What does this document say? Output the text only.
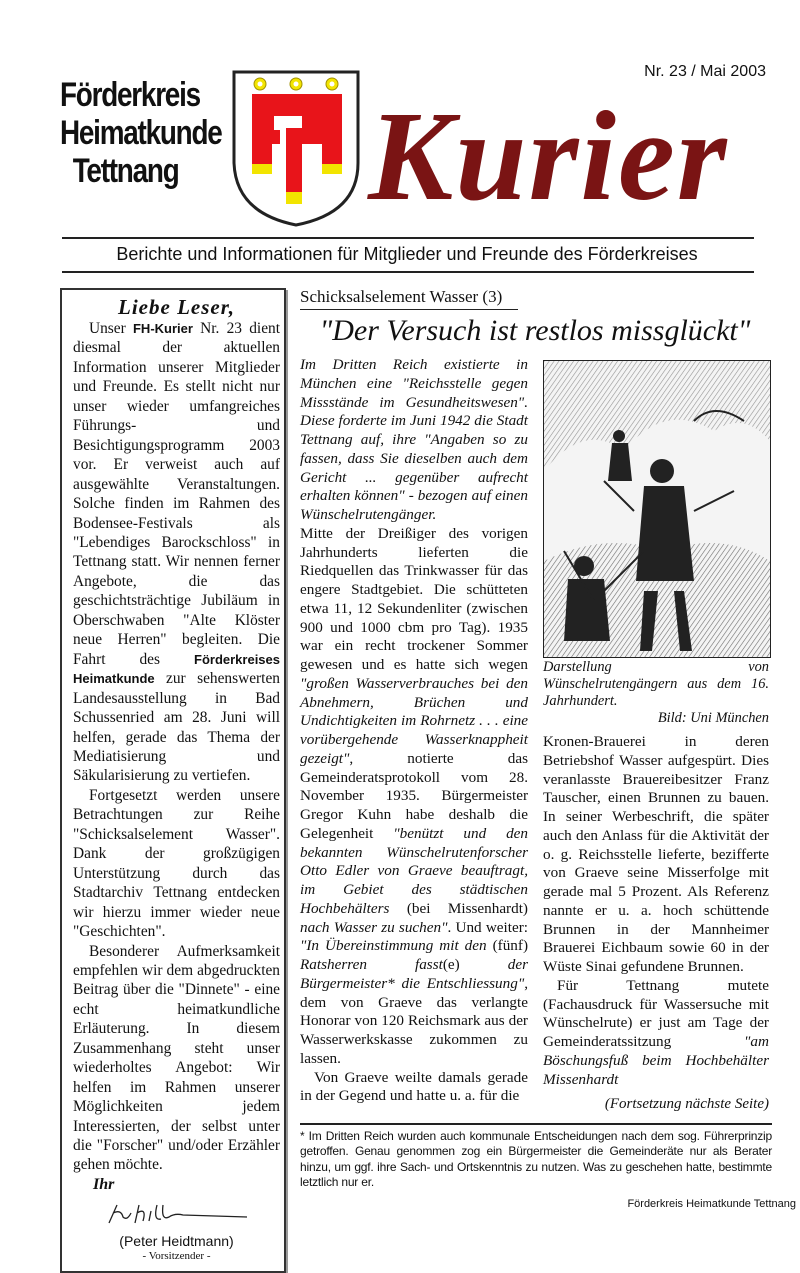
Nr. 23 / Mai 2003
Förderkreis
Heimatkunde
Tettnang Kurier
Berichte und Informationen für Mitglieder und Freunde des Förderkreises
Liebe Leser,

Unser FH-Kurier Nr. 23 dient diesmal der aktuellen Information unserer Mitglieder und Freunde. Es stellt nicht nur unser wieder umfangreiches Führungs- und Besichtigungsprogramm 2003 vor. Er verweist auch auf ausgewählte Veranstaltungen. Solche finden im Rahmen des Bodensee-Festivals als "Lebendiges Barockschloss" in Tettnang statt. Wir nennen ferner Angebote, die das geschichtsträchtige Jubiläum in Oberschwaben "Alte Klöster neue Herren" begleiten. Die Fahrt des Förderkreises Heimatkunde zur sehenswerten Landesausstellung in Bad Schussenried am 28. Juni will helfen, gerade das Thema der Mediatisierung und Säkularisierung zu vertiefen.

Fortgesetzt werden unsere Betrachtungen zur Reihe "Schicksalselement Wasser". Dank der großzügigen Unterstützung durch das Stadtarchiv Tettnang entdecken wir hierzu immer wieder neue "Geschichten".

Besonderer Aufmerksamkeit empfehlen wir dem abgedruckten Beitrag über die "Dinnete" - eine echt heimatkundliche Erläuterung. In diesem Zusammenhang steht unser wiederholtes Angebot: Wir helfen im Rahmen unserer Möglichkeiten jedem Interessierten, der selbst unter die "Forscher" und/oder Erzähler gehen möchte.

Ihr
(Peter Heidtmann)
- Vorsitzender -
Schicksalselement Wasser (3)
"Der Versuch ist restlos missglückt"

Im Dritten Reich existierte in München eine "Reichsstelle gegen Missstände im Gesundheitswesen". Diese forderte im Juni 1942 die Stadt Tettnang auf, ihre "Angaben so zu fassen, dass Sie dieselben auch dem Gericht ... gegenüber aufrecht erhalten können" - bezogen auf einen Wünschelrutengänger.

Mitte der Dreißiger des vorigen Jahrhunderts lieferten die Riedquellen das Trinkwasser für das engere Stadtgebiet. Die schütteten etwa 11, 12 Sekundenliter (zwischen 900 und 1000 cbm pro Tag). 1935 war ein recht trockener Sommer gewesen und es hatte sich wegen "großen Wasserverbrauches bei den Abnehmern, Brüchen und Undichtigkeiten im Rohrnetz . . . eine vorübergehende Wasserknappheit gezeigt", notierte das Gemeinderatsprotokoll vom 28. November 1935. Bürgermeister Gregor Kuhn habe deshalb die Gelegenheit "benützt und den bekannten Wünschelrutenforscher Otto Edler von Graeve beauftragt, im Gebiet des städtischen Hochbehälters (bei Missenhardt) nach Wasser zu suchen". Und weiter: "In Übereinstimmung mit den (fünf) Ratsherren fasst(e) der Bürgermeister* die Entschliessung", dem von Graeve das verlangte Honorar von 120 Reichsmark aus der Wasserwerkskasse zukommen zu lassen.

Von Graeve weilte damals gerade in der Gegend und hatte u. a. für die

Darstellung von Wünschelrutengängern aus dem 16. Jahrhundert.
Bild: Uni München

Kronen-Brauerei in deren Betriebshof Wasser aufgespürt. Dies veranlasste Brauereibesitzer Franz Tauscher, einen Brunnen zu bauen. In seiner Werbeschrift, die später auch den Anlass für die Aktivität der o. g. Reichsstelle lieferte, bezifferte von Graeve seine Misserfolge mit gerade mal 5 Prozent. Als Referenz nannte er u. a. hoch schüttende Brunnen in der Mannheimer Brauerei Eichbaum sowie 60 in der Wüste Sinai gefundene Brunnen.

Für Tettnang mutete (Fachausdruck für Wassersuche mit Wünschelrute) er just am Tage der Gemeinderatssitzung "am Böschungsfuß beim Hochbehälter Missenhardt

(Fortsetzung nächste Seite)
* Im Dritten Reich wurden auch kommunale Entscheidungen nach dem sog. Führerprinzip getroffen. Genau genommen zog ein Bürgermeister die Gemeinderäte nur als Berater hinzu, um ggf. ihre Sach- und Ortskenntnis zu nutzen. Was zu geschehen hatte, bestimmte letztlich nur er.
Förderkreis Heimatkunde Tettnang
